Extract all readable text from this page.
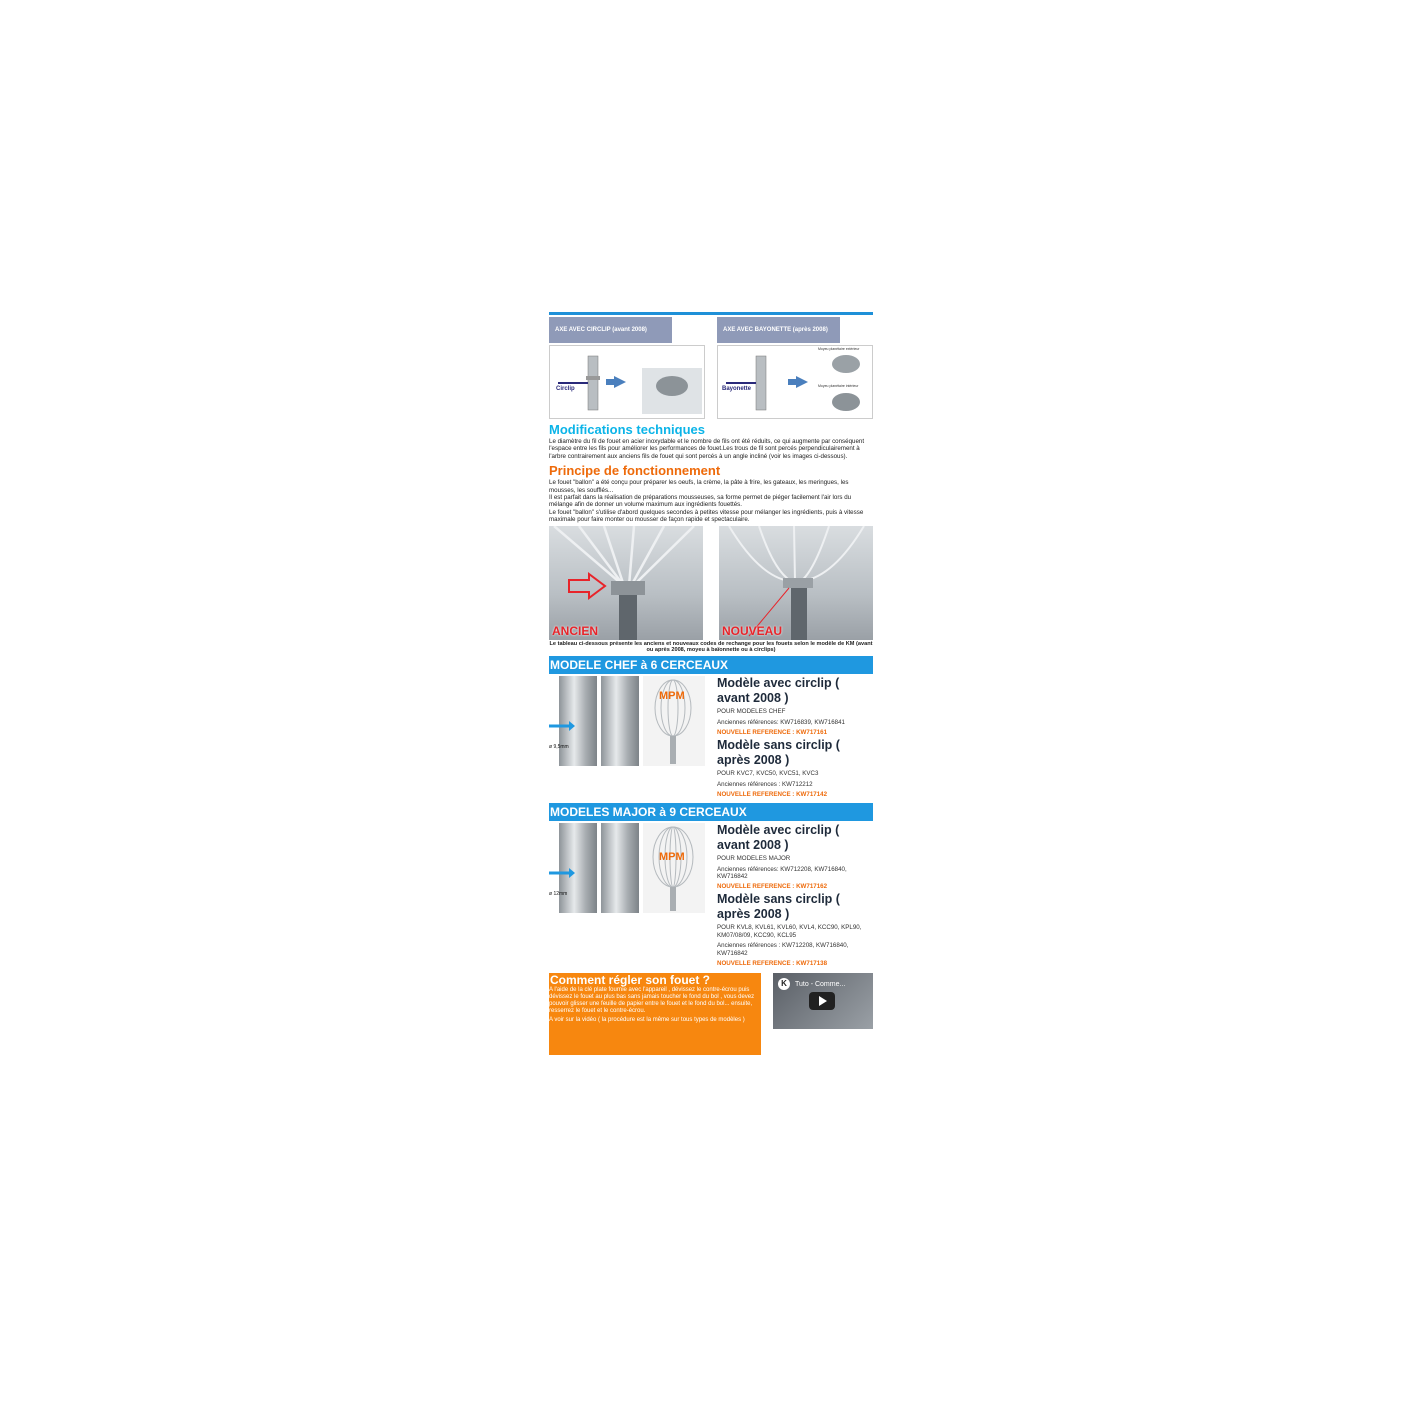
AXE AVEC CIRCLIP (avant 2008)
Circlip
AXE AVEC BAYONETTE (après 2008)
Bayonette
Moyeu planétaire extérieur
Moyeu planétaire intérieur
Modifications techniques

Le diamètre du fil de fouet en acier inoxydable et le nombre de fils ont été réduits, ce qui augmente par conséquent l'espace entre les fils pour améliorer les performances de fouet.Les trous de fil sont percés perpendiculairement à l'arbre contrairement aux anciens fils de fouet qui sont percés à un angle incliné (voir les images ci-dessous).

Principe de fonctionnement

Le fouet "ballon" a été conçu pour préparer les oeufs, la crème, la pâte à frire, les gateaux, les meringues, les mousses, les soufflés...

Il est parfait dans la réalisation de préparations mousseuses, sa forme permet de piéger facilement l'air lors du mélange afin de donner un volume maximum aux ingrédients fouettés.

Le fouet "ballon" s'utilise d'abord quelques secondes à petites vitesse pour mélanger les ingrédients, puis à vitesse maximale pour faire monter ou mousser de façon rapide et spectaculaire.

ANCIEN	NOUVEAU
Le tableau ci-dessous présente les anciens et nouveaux codes de rechange pour les fouets selon le modèle de KM (avant ou après 2008, moyeu à baïonnette ou à circlips)
MODELE CHEF à 6 CERCEAUX
ø 9,5mm
MPM
Modèle avec circlip ( avant 2008 )
POUR MODELES CHEF
Anciennes références: KW716839, KW716841
NOUVELLE REFERENCE : KW717161
Modèle sans circlip ( après 2008 )
POUR KVC7, KVC50, KVC51, KVC3
Anciennes références : KW712212
NOUVELLE REFERENCE : KW717142
MODELES MAJOR à 9 CERCEAUX
ø 12mm
MPM
Modèle avec circlip ( avant 2008 )
POUR MODELES MAJOR
Anciennes références: KW712208, KW716840, KW716842
NOUVELLE REFERENCE : KW717162
Modèle sans circlip ( après 2008 )
POUR KVL8, KVL61, KVL60, KVL4, KCC90, KPL90, KM07/08/09, KCC90, KCL95
Anciennes références : KW712208, KW716840, KW716842
NOUVELLE REFERENCE : KW717138
Comment régler son fouet ?

A l'aide de la clé plate fournie avec l'appareil , dévissez le contre-écrou puis dévissez le fouet au plus bas sans jamais toucher le fond du bol , vous devez pouvoir glisser une feuille de papier entre le fouet et le fond du bol... ensuite, resserrez le fouet et le contre-écrou.

A voir sur la vidéo ( la procédure est la même sur tous types de modèles )

K	Tuto - Comme...
